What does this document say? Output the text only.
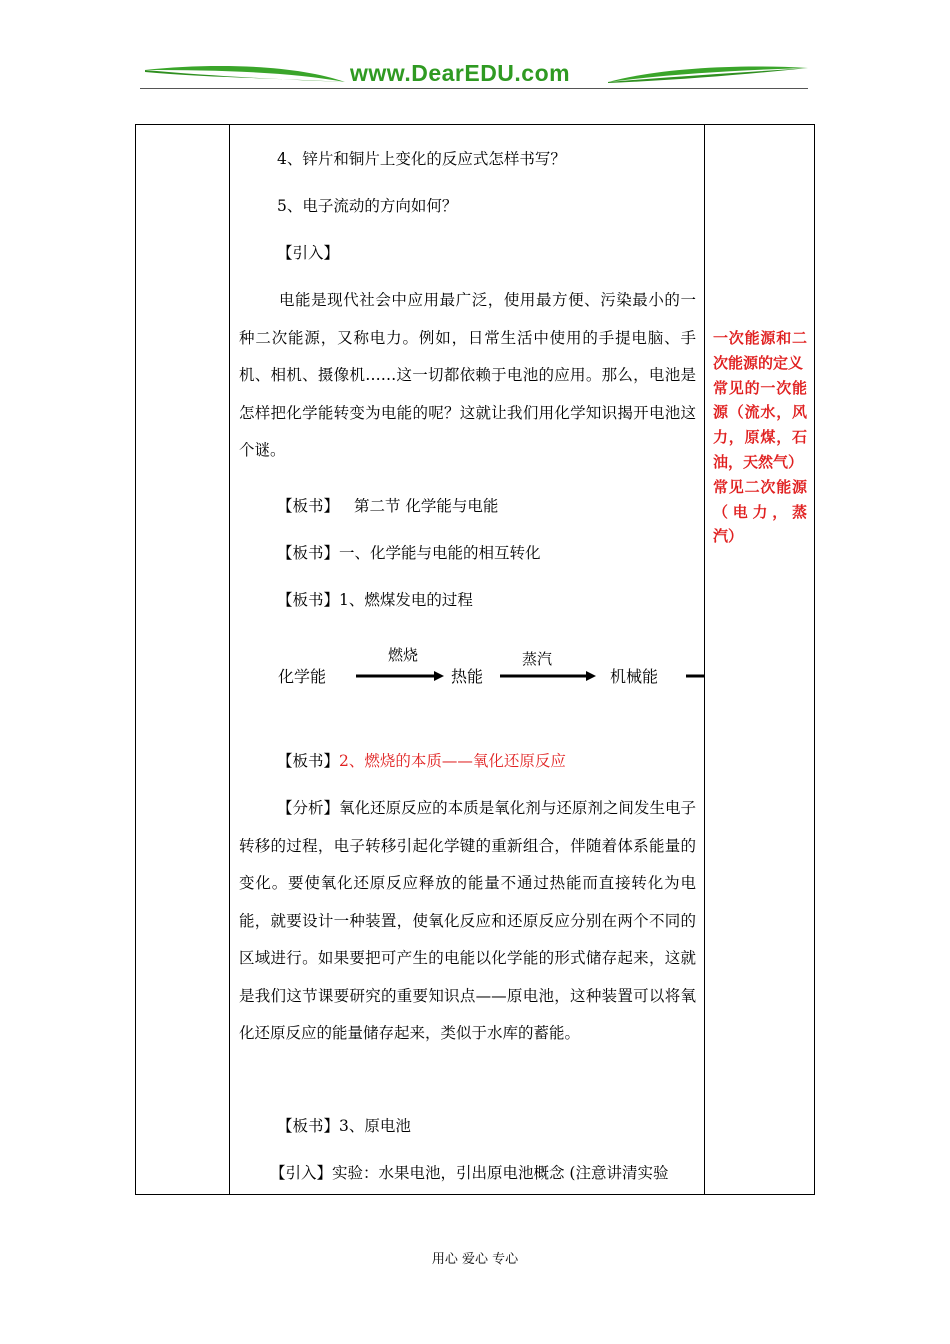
www.DearEDU.com
4、锌片和铜片上变化的反应式怎样书写？
5、电子流动的方向如何？
【引入】
电能是现代社会中应用最广泛，使用最方便、污染最小的一种二次能源，又称电力。例如，日常生活中使用的手提电脑、手机、相机、摄像机……这一切都依赖于电池的应用。那么，电池是怎样把化学能转变为电能的呢？这就让我们用化学知识揭开电池这个谜。
【板书】 第二节 化学能与电能
【板书】一、化学能与电能的相互转化
【板书】1、燃煤发电的过程
化学能
燃烧
热能
蒸汽
机械能
【板书】2、燃烧的本质——氧化还原反应
【分析】氧化还原反应的本质是氧化剂与还原剂之间发生电子转移的过程，电子转移引起化学键的重新组合，伴随着体系能量的变化。要使氧化还原反应释放的能量不通过热能而直接转化为电能，就要设计一种装置，使氧化反应和还原反应分别在两个不同的区域进行。如果要把可产生的电能以化学能的形式储存起来，这就是我们这节课要研究的重要知识点——原电池，这种装置可以将氧化还原反应的能量储存起来，类似于水库的蓄能。
【板书】3、原电池
【引入】实验：水果电池，引出原电池概念 (注意讲清实验
一次能源和二次能源的定义
常见的一次能源（流水，风力，原煤，石油，天然气）
常见二次能源（电力，蒸汽）
用心 爱心 专心
